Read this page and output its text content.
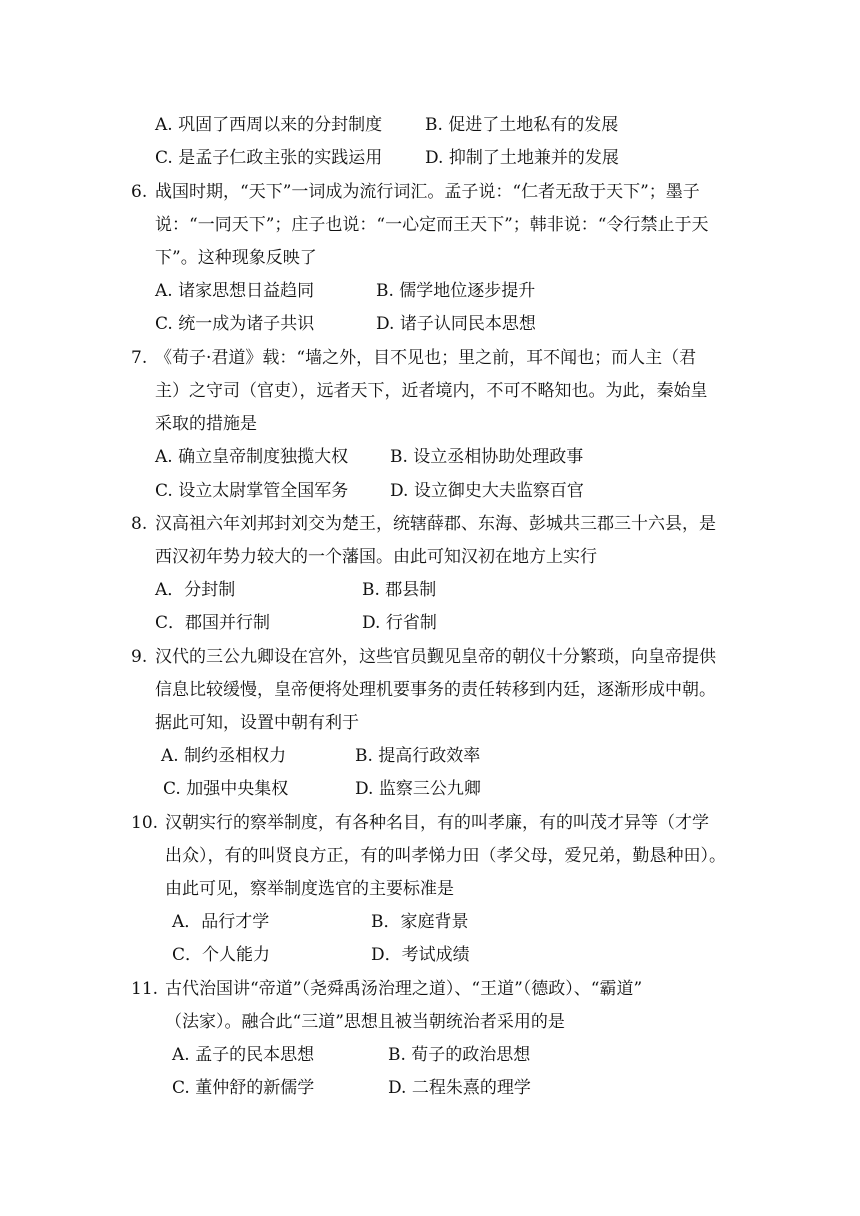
A. 巩固了西周以来的分封制度	B. 促进了土地私有的发展
C. 是孟子仁政主张的实践运用	D. 抑制了土地兼并的发展
6. 战国时期，“天下”一词成为流行词汇。孟子说：“仁者无敌于天下”；墨子
说：“一同天下”；庄子也说：“一心定而王天下”；韩非说：“令行禁止于天
下”。这种现象反映了
A. 诸家思想日益趋同	B. 儒学地位逐步提升
C. 统一成为诸子共识	D. 诸子认同民本思想
7. 《荀子·君道》载：“墙之外，目不见也；里之前，耳不闻也；而人主（君
主）之守司（官吏），远者天下，近者境内，不可不略知也。为此，秦始皇
采取的措施是
A. 确立皇帝制度独揽大权 B. 设立丞相协助处理政事
C. 设立太尉掌管全国军务 D. 设立御史大夫监察百官
8. 汉高祖六年刘邦封刘交为楚王，统辖薛郡、东海、彭城共三郡三十六县，是
西汉初年势力较大的一个藩国。由此可知汉初在地方上实行
A．分封制	B. 郡县制
C．郡国并行制	D. 行省制
9. 汉代的三公九卿设在宫外，这些官员觐见皇帝的朝仪十分繁琐，向皇帝提供
信息比较缓慢，皇帝便将处理机要事务的责任转移到内廷，逐渐形成中朝。
据此可知，设置中朝有利于
A. 制约丞相权力	B. 提高行政效率
C. 加强中央集权	D. 监察三公九卿
10. 汉朝实行的察举制度，有各种名目，有的叫孝廉，有的叫茂才异等（才学
出众），有的叫贤良方正，有的叫孝悌力田（孝父母，爱兄弟，勤恳种田）。
由此可见，察举制度选官的主要标准是
A．品行才学	B．家庭背景
C．个人能力	D．考试成绩
11. 古代治国讲“帝道”（尧舜禹汤治理之道）、“王道”（德政）、“霸道”
（法家）。融合此“三道”思想且被当朝统治者采用的是
A. 孟子的民本思想	B. 荀子的政治思想
C. 董仲舒的新儒学	D. 二程朱熹的理学
